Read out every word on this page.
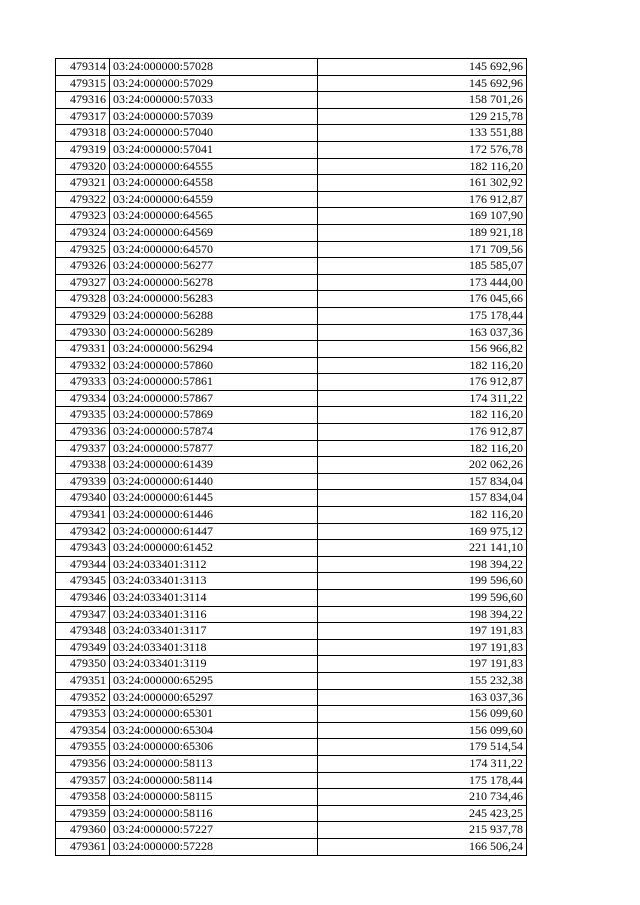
479314	03:24:000000:57028	145 692,96
479315	03:24:000000:57029	145 692,96
479316	03:24:000000:57033	158 701,26
479317	03:24:000000:57039	129 215,78
479318	03:24:000000:57040	133 551,88
479319	03:24:000000:57041	172 576,78
479320	03:24:000000:64555	182 116,20
479321	03:24:000000:64558	161 302,92
479322	03:24:000000:64559	176 912,87
479323	03:24:000000:64565	169 107,90
479324	03:24:000000:64569	189 921,18
479325	03:24:000000:64570	171 709,56
479326	03:24:000000:56277	185 585,07
479327	03:24:000000:56278	173 444,00
479328	03:24:000000:56283	176 045,66
479329	03:24:000000:56288	175 178,44
479330	03:24:000000:56289	163 037,36
479331	03:24:000000:56294	156 966,82
479332	03:24:000000:57860	182 116,20
479333	03:24:000000:57861	176 912,87
479334	03:24:000000:57867	174 311,22
479335	03:24:000000:57869	182 116,20
479336	03:24:000000:57874	176 912,87
479337	03:24:000000:57877	182 116,20
479338	03:24:000000:61439	202 062,26
479339	03:24:000000:61440	157 834,04
479340	03:24:000000:61445	157 834,04
479341	03:24:000000:61446	182 116,20
479342	03:24:000000:61447	169 975,12
479343	03:24:000000:61452	221 141,10
479344	03:24:033401:3112	198 394,22
479345	03:24:033401:3113	199 596,60
479346	03:24:033401:3114	199 596,60
479347	03:24:033401:3116	198 394,22
479348	03:24:033401:3117	197 191,83
479349	03:24:033401:3118	197 191,83
479350	03:24:033401:3119	197 191,83
479351	03:24:000000:65295	155 232,38
479352	03:24:000000:65297	163 037,36
479353	03:24:000000:65301	156 099,60
479354	03:24:000000:65304	156 099,60
479355	03:24:000000:65306	179 514,54
479356	03:24:000000:58113	174 311,22
479357	03:24:000000:58114	175 178,44
479358	03:24:000000:58115	210 734,46
479359	03:24:000000:58116	245 423,25
479360	03:24:000000:57227	215 937,78
479361	03:24:000000:57228	166 506,24
